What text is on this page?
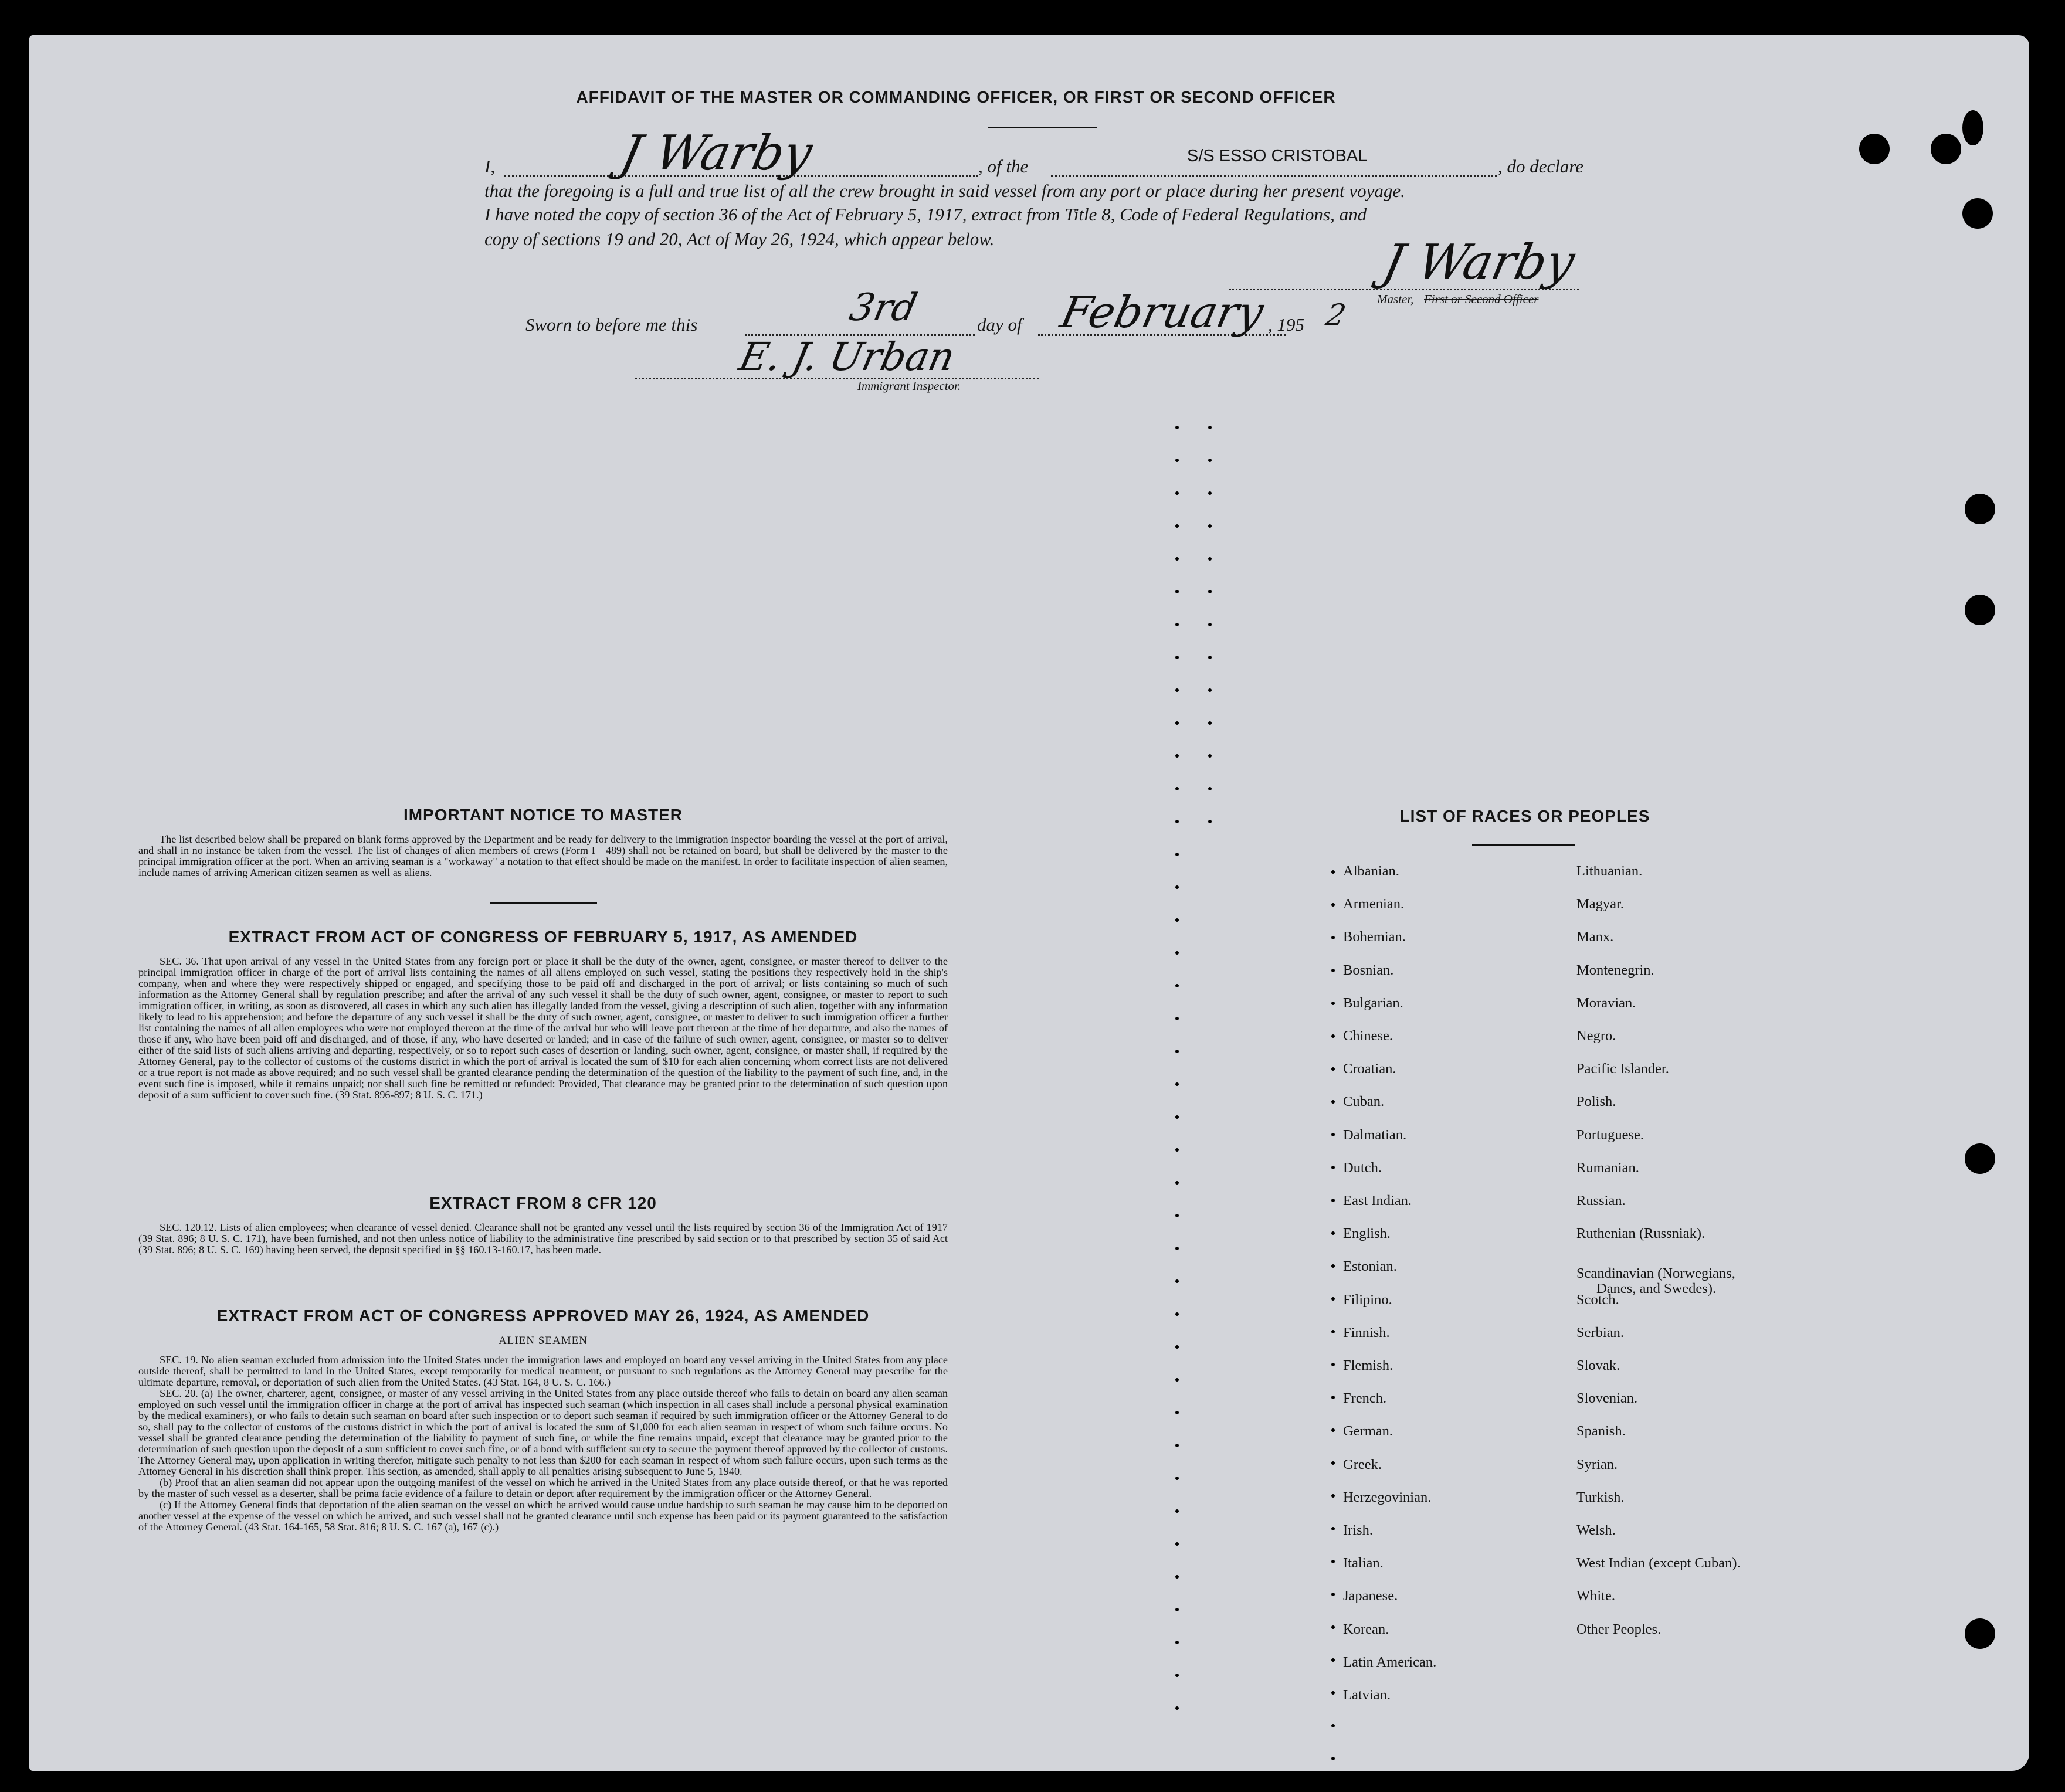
AFFIDAVIT OF THE MASTER OR COMMANDING OFFICER, OR FIRST OR SECOND OFFICER
I,	J Warby	, of the	S/S ESSO CRISTOBAL	, do declare
that the foregoing is a full and true list of all the crew brought in said vessel from any port or place during her present voyage.
I have noted the copy of section 36 of the Act of February 5, 1917, extract from Title 8, Code of Federal Regulations, and
copy of sections 19 and 20, Act of May 26, 1924, which appear below.	J Warby
Master, First or Second Officer
Sworn to before me this	3rd	day of February , 195 2
E. J. Urban
Immigrant Inspector.
IMPORTANT NOTICE TO MASTER

The list described below shall be prepared on blank forms approved by the Department and be ready for delivery to the immigration inspector boarding the vessel at the port of arrival, and shall in no instance be taken from the vessel. The list of changes of alien members of crews (Form I—489) shall not be retained on board, but shall be delivered by the master to the principal immigration officer at the port. When an arriving seaman is a "workaway" a notation to that effect should be made on the manifest. In order to facilitate inspection of alien seamen, include names of arriving American citizen seamen as well as aliens.

EXTRACT FROM ACT OF CONGRESS OF FEBRUARY 5, 1917, AS AMENDED

SEC. 36. That upon arrival of any vessel in the United States from any foreign port or place it shall be the duty of the owner, agent, consignee, or master thereof to deliver to the principal immigration officer in charge of the port of arrival lists containing the names of all aliens employed on such vessel, stating the positions they respectively hold in the ship's company, when and where they were respectively shipped or engaged, and specifying those to be paid off and discharged in the port of arrival; or lists containing so much of such information as the Attorney General shall by regulation prescribe; and after the arrival of any such vessel it shall be the duty of such owner, agent, consignee, or master to report to such immigration officer, in writing, as soon as discovered, all cases in which any such alien has illegally landed from the vessel, giving a description of such alien, together with any information likely to lead to his apprehension; and before the departure of any such vessel it shall be the duty of such owner, agent, consignee, or master to deliver to such immigration officer a further list containing the names of all alien employees who were not employed thereon at the time of the arrival but who will leave port thereon at the time of her departure, and also the names of those if any, who have been paid off and discharged, and of those, if any, who have deserted or landed; and in case of the failure of such owner, agent, consignee, or master so to deliver either of the said lists of such aliens arriving and departing, respectively, or so to report such cases of desertion or landing, such owner, agent, consignee, or master shall, if required by the Attorney General, pay to the collector of customs of the customs district in which the port of arrival is located the sum of $10 for each alien concerning whom correct lists are not delivered or a true report is not made as above required; and no such vessel shall be granted clearance pending the determination of the question of the liability to the payment of such fine, and, in the event such fine is imposed, while it remains unpaid; nor shall such fine be remitted or refunded: Provided, That clearance may be granted prior to the determination of such question upon deposit of a sum sufficient to cover such fine. (39 Stat. 896-897; 8 U. S. C. 171.)

EXTRACT FROM 8 CFR 120

SEC. 120.12. Lists of alien employees; when clearance of vessel denied. Clearance shall not be granted any vessel until the lists required by section 36 of the Immigration Act of 1917 (39 Stat. 896; 8 U. S. C. 171), have been furnished, and not then unless notice of liability to the administrative fine prescribed by said section or to that prescribed by section 35 of said Act (39 Stat. 896; 8 U. S. C. 169) having been served, the deposit specified in §§ 160.13-160.17, has been made.

EXTRACT FROM ACT OF CONGRESS APPROVED MAY 26, 1924, AS AMENDED
ALIEN SEAMEN

SEC. 19. No alien seaman excluded from admission into the United States under the immigration laws and employed on board any vessel arriving in the United States from any place outside thereof, shall be permitted to land in the United States, except temporarily for medical treatment, or pursuant to such regulations as the Attorney General may prescribe for the ultimate departure, removal, or deportation of such alien from the United States. (43 Stat. 164, 8 U. S. C. 166.)

SEC. 20. (a) The owner, charterer, agent, consignee, or master of any vessel arriving in the United States from any place outside thereof who fails to detain on board any alien seaman employed on such vessel until the immigration officer in charge at the port of arrival has inspected such seaman (which inspection in all cases shall include a personal physical examination by the medical examiners), or who fails to detain such seaman on board after such inspection or to deport such seaman if required by such immigration officer or the Attorney General to do so, shall pay to the collector of customs of the customs district in which the port of arrival is located the sum of $1,000 for each alien seaman in respect of whom such failure occurs. No vessel shall be granted clearance pending the determination of the liability to payment of such fine, or while the fine remains unpaid, except that clearance may be granted prior to the determination of such question upon the deposit of a sum sufficient to cover such fine, or of a bond with sufficient surety to secure the payment thereof approved by the collector of customs. The Attorney General may, upon application in writing therefor, mitigate such penalty to not less than $200 for each seaman in respect of whom such failure occurs, upon such terms as the Attorney General in his discretion shall think proper. This section, as amended, shall apply to all penalties arising subsequent to June 5, 1940.

(b) Proof that an alien seaman did not appear upon the outgoing manifest of the vessel on which he arrived in the United States from any place outside thereof, or that he was reported by the master of such vessel as a deserter, shall be prima facie evidence of a failure to detain or deport after requirement by the immigration officer or the Attorney General.

(c) If the Attorney General finds that deportation of the alien seaman on the vessel on which he arrived would cause undue hardship to such seaman he may cause him to be deported on another vessel at the expense of the vessel on which he arrived, and such vessel shall not be granted clearance until such expense has been paid or its payment guaranteed to the satisfaction of the Attorney General. (43 Stat. 164-165, 58 Stat. 816; 8 U. S. C. 167 (a), 167 (c).)

LIST OF RACES OR PEOPLES
Albanian.
Armenian.
Bohemian.
Bosnian.
Bulgarian.
Chinese.
Croatian.
Cuban.
Dalmatian.
Dutch.
East Indian.
English.
Estonian.
Filipino.
Finnish.
Flemish.
French.
German.
Greek.
Herzegovinian.
Irish.
Italian.
Japanese.
Korean.
Latin American.
Latvian.
Lithuanian.
Magyar.
Manx.
Montenegrin.
Moravian.
Negro.
Pacific Islander.
Polish.
Portuguese.
Rumanian.
Russian.
Ruthenian (Russniak).
Scandinavian (Norwegians,
Danes, and Swedes).
Scotch.
Serbian.
Slovak.
Slovenian.
Spanish.
Syrian.
Turkish.
Welsh.
West Indian (except Cuban).
White.
Other Peoples.
